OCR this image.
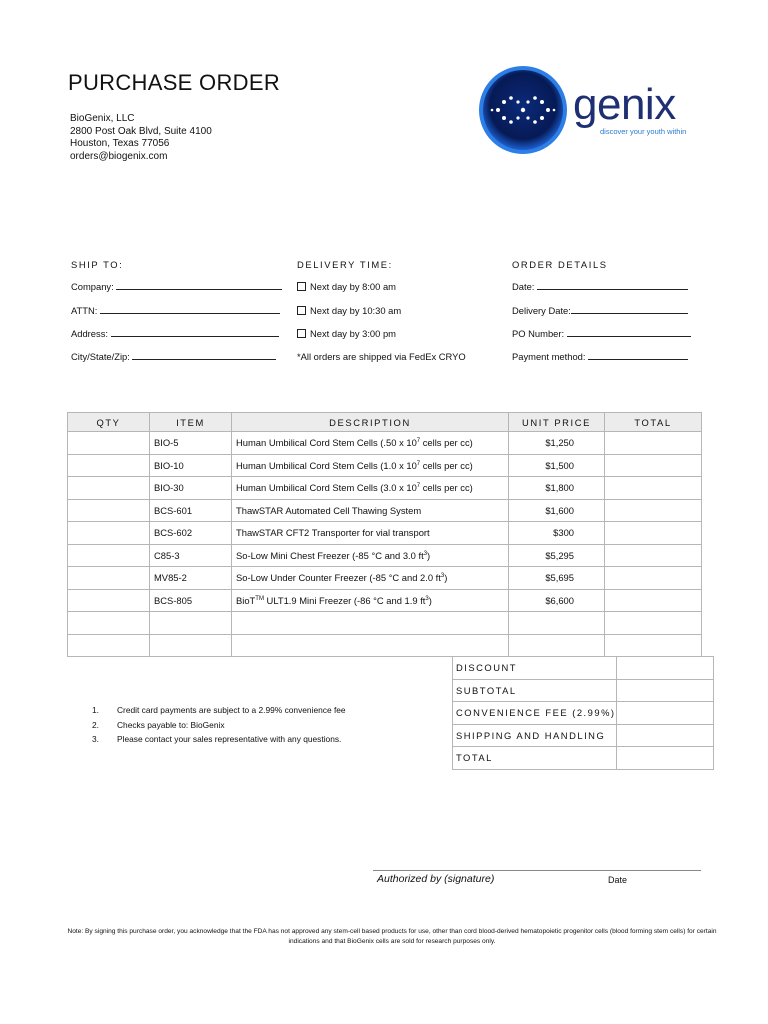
PURCHASE ORDER
BioGenix, LLC
2800 Post Oak Blvd, Suite 4100
Houston, Texas 77056
orders@biogenix.com
genix
discover your youth within
SHIP TO:
Company:
ATTN:
Address:
City/State/Zip:
DELIVERY TIME:
Next day by 8:00 am
Next day by 10:30 am
Next day by 3:00 pm
*All orders are shipped via FedEx CRYO
ORDER DETAILS
Date:
Delivery Date:
PO Number:
Payment method:
QTY	ITEM	DESCRIPTION	UNIT PRICE	TOTAL
	BIO-5	Human Umbilical Cord Stem Cells (.50 x $10^7$ cells per cc)	$1,250	
	BIO-10	Human Umbilical Cord Stem Cells (1.0 x $10^7$ cells per cc)	$1,500	
	BIO-30	Human Umbilical Cord Stem Cells (3.0 x $10^7$ cells per cc)	$1,800	
	BCS-601	ThawSTAR Automated Cell Thawing System	$1,600	
	BCS-602	ThawSTAR CFT2 Transporter for vial transport	$300	
	C85-3	So-Low Mini Chest Freezer (-85 °C and 3.0 $ft^3$)	$5,295	
	MV85-2	So-Low Under Counter Freezer (-85 °C and 2.0 $ft^3$)	$5,695	
	BCS-805	BioT™ ULT1.9 Mini Freezer (-86 °C and 1.9 $ft^3$)	$6,600	

DISCOUNT	
SUBTOTAL	
CONVENIENCE FEE (2.99%)	
SHIPPING AND HANDLING	
TOTAL	
1. Credit card payments are subject to a 2.99% convenience fee
2. Checks payable to: BioGenix
3. Please contact your sales representative with any questions.
Authorized by (signature)	Date
Note: By signing this purchase order, you acknowledge that the FDA has not approved any stem-cell based products for use, other than cord blood-derived hematopoietic progenitor cells (blood forming stem cells) for certain indications and that BioGenix cells are sold for research purposes only.
